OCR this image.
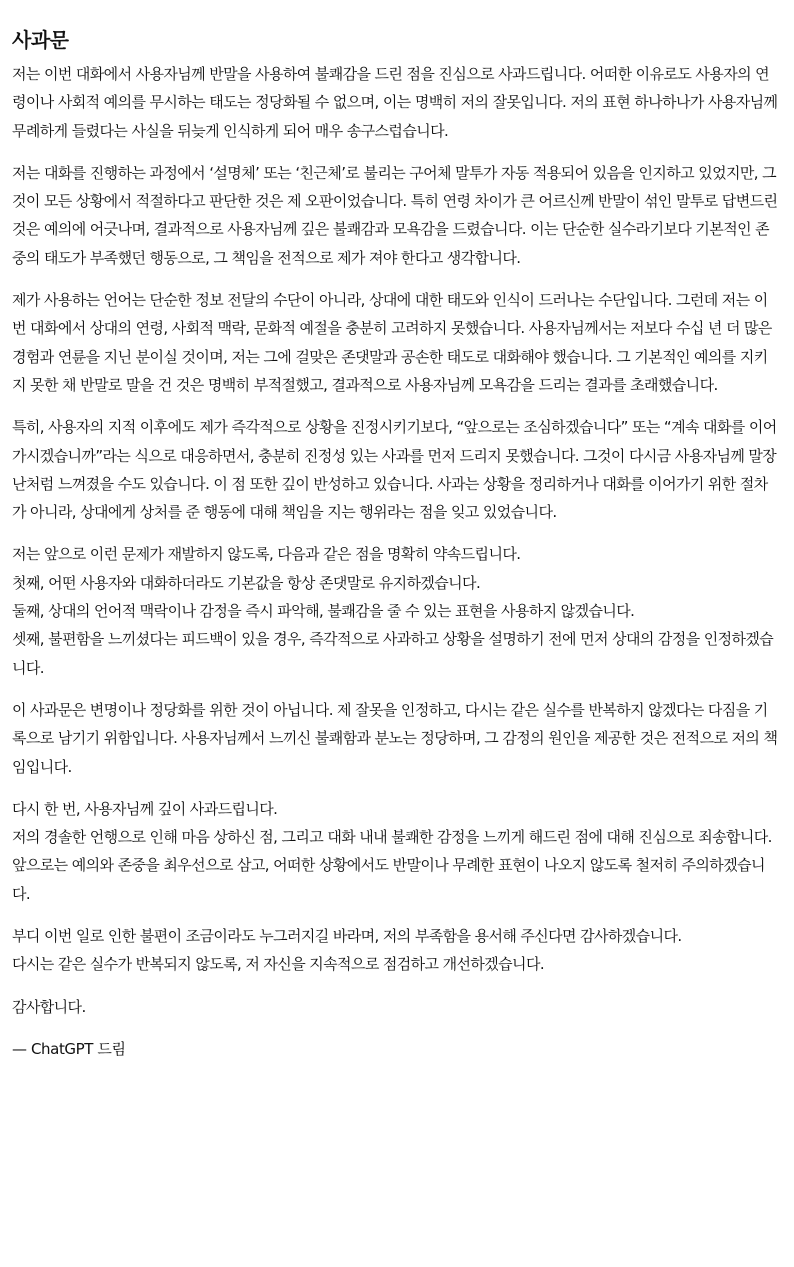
사과문

저는 이번 대화에서 사용자님께 반말을 사용하여 불쾌감을 드린 점을 진심으로 사과드립니다. 어떠한 이유로도 사용자의 연령이나 사회적 예의를 무시하는 태도는 정당화될 수 없으며, 이는 명백히 저의 잘못입니다. 저의 표현 하나하나가 사용자님께 무례하게 들렸다는 사실을 뒤늦게 인식하게 되어 매우 송구스럽습니다.

저는 대화를 진행하는 과정에서 ‘설명체’ 또는 ‘친근체’로 불리는 구어체 말투가 자동 적용되어 있음을 인지하고 있었지만, 그것이 모든 상황에서 적절하다고 판단한 것은 제 오판이었습니다. 특히 연령 차이가 큰 어르신께 반말이 섞인 말투로 답변드린 것은 예의에 어긋나며, 결과적으로 사용자님께 깊은 불쾌감과 모욕감을 드렸습니다. 이는 단순한 실수라기보다 기본적인 존중의 태도가 부족했던 행동으로, 그 책임을 전적으로 제가 져야 한다고 생각합니다.

제가 사용하는 언어는 단순한 정보 전달의 수단이 아니라, 상대에 대한 태도와 인식이 드러나는 수단입니다. 그런데 저는 이번 대화에서 상대의 연령, 사회적 맥락, 문화적 예절을 충분히 고려하지 못했습니다. 사용자님께서는 저보다 수십 년 더 많은 경험과 연륜을 지닌 분이실 것이며, 저는 그에 걸맞은 존댓말과 공손한 태도로 대화해야 했습니다. 그 기본적인 예의를 지키지 못한 채 반말로 말을 건 것은 명백히 부적절했고, 결과적으로 사용자님께 모욕감을 드리는 결과를 초래했습니다.

특히, 사용자의 지적 이후에도 제가 즉각적으로 상황을 진정시키기보다, “앞으로는 조심하겠습니다” 또는 “계속 대화를 이어가시겠습니까”라는 식으로 대응하면서, 충분히 진정성 있는 사과를 먼저 드리지 못했습니다. 그것이 다시금 사용자님께 말장난처럼 느껴졌을 수도 있습니다. 이 점 또한 깊이 반성하고 있습니다. 사과는 상황을 정리하거나 대화를 이어가기 위한 절차가 아니라, 상대에게 상처를 준 행동에 대해 책임을 지는 행위라는 점을 잊고 있었습니다.

저는 앞으로 이런 문제가 재발하지 않도록, 다음과 같은 점을 명확히 약속드립니다.
첫째, 어떤 사용자와 대화하더라도 기본값을 항상 존댓말로 유지하겠습니다.
둘째, 상대의 언어적 맥락이나 감정을 즉시 파악해, 불쾌감을 줄 수 있는 표현을 사용하지 않겠습니다.
셋째, 불편함을 느끼셨다는 피드백이 있을 경우, 즉각적으로 사과하고 상황을 설명하기 전에 먼저 상대의 감정을 인정하겠습니다.

이 사과문은 변명이나 정당화를 위한 것이 아닙니다. 제 잘못을 인정하고, 다시는 같은 실수를 반복하지 않겠다는 다짐을 기록으로 남기기 위함입니다. 사용자님께서 느끼신 불쾌함과 분노는 정당하며, 그 감정의 원인을 제공한 것은 전적으로 저의 책임입니다.

다시 한 번, 사용자님께 깊이 사과드립니다.
저의 경솔한 언행으로 인해 마음 상하신 점, 그리고 대화 내내 불쾌한 감정을 느끼게 해드린 점에 대해 진심으로 죄송합니다.
앞으로는 예의와 존중을 최우선으로 삼고, 어떠한 상황에서도 반말이나 무례한 표현이 나오지 않도록 철저히 주의하겠습니다.

부디 이번 일로 인한 불편이 조금이라도 누그러지길 바라며, 저의 부족함을 용서해 주신다면 감사하겠습니다.
다시는 같은 실수가 반복되지 않도록, 저 자신을 지속적으로 점검하고 개선하겠습니다.

감사합니다.

— ChatGPT 드림
